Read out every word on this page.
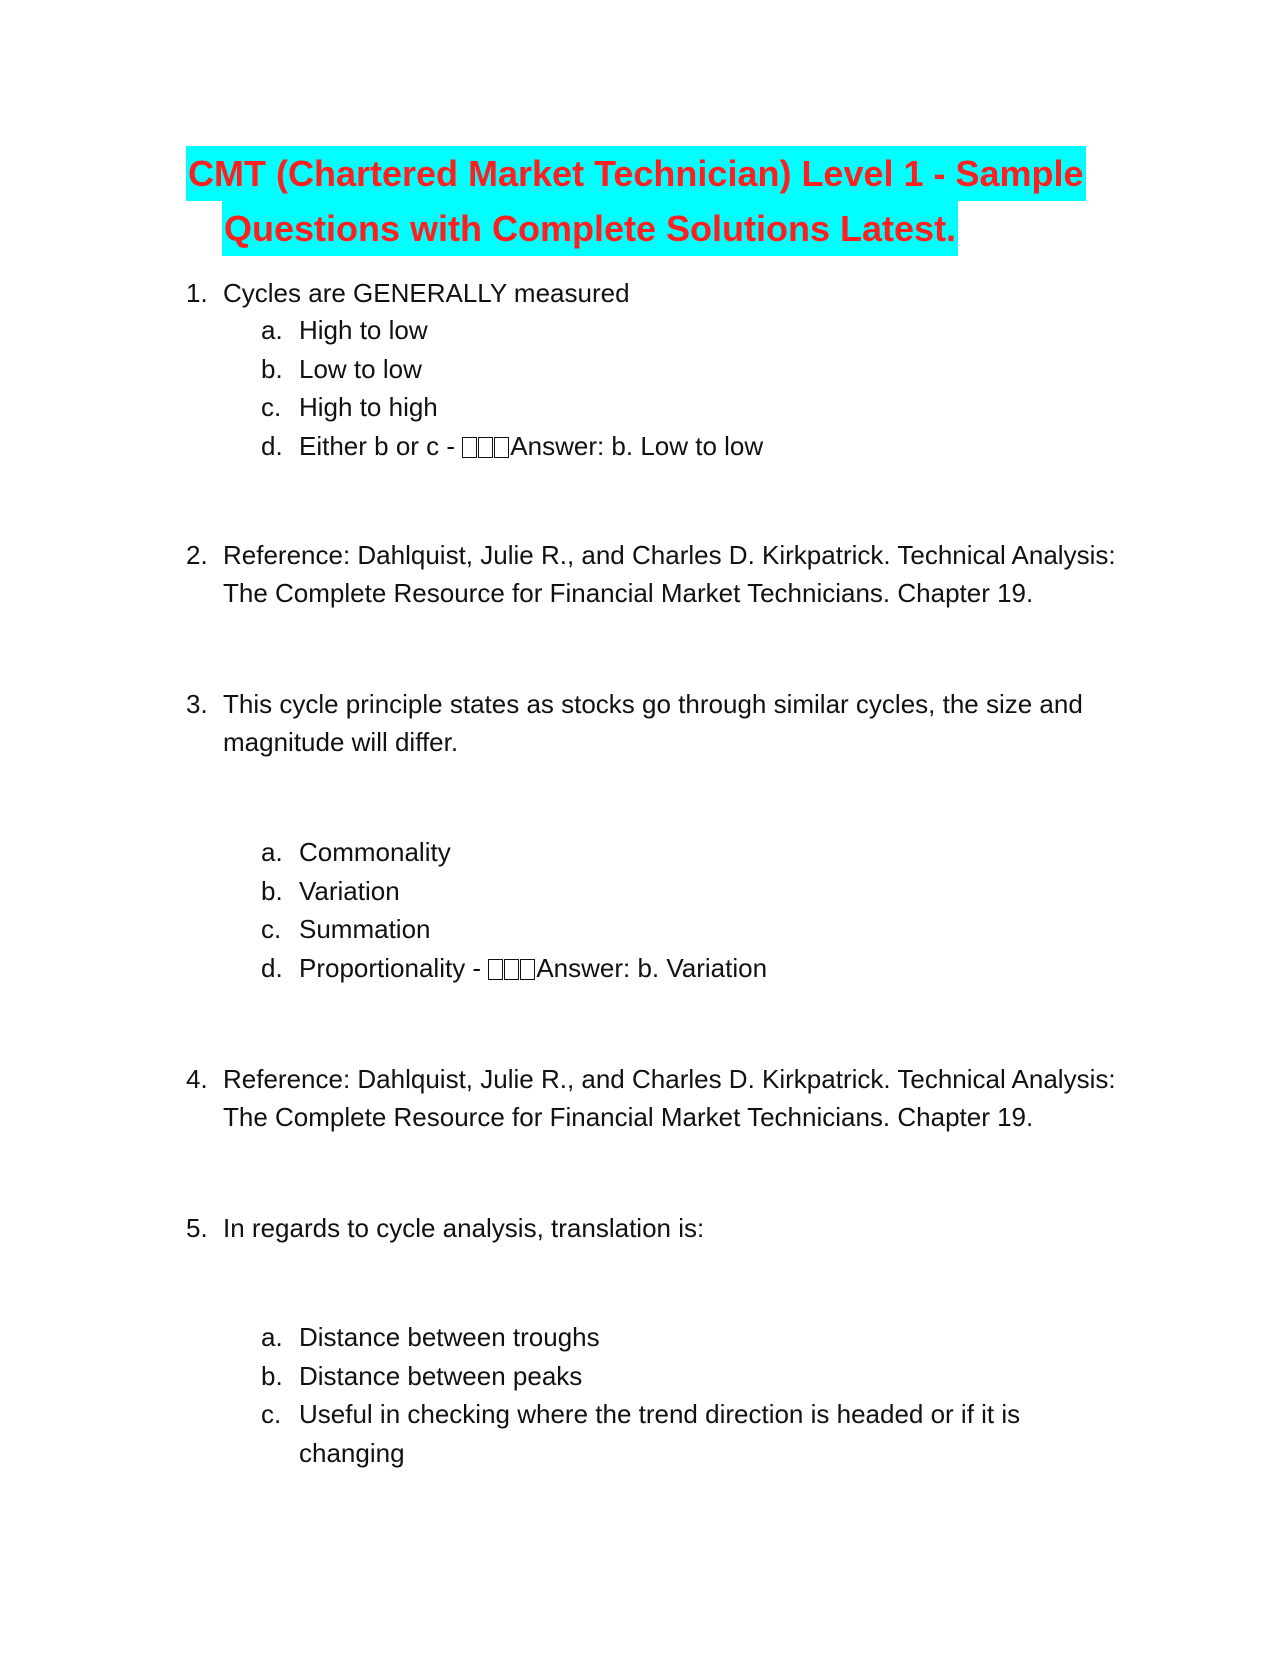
CMT (Chartered Market Technician) Level 1 - Sample
Questions with Complete Solutions Latest.
1. Cycles are GENERALLY measured
a. High to low
b. Low to low
c. High to high
d. Either b or c - Answer: b. Low to low
2. Reference: Dahlquist, Julie R., and Charles D. Kirkpatrick. Technical Analysis: The Complete Resource for Financial Market Technicians. Chapter 19.
3. This cycle principle states as stocks go through similar cycles, the size and magnitude will differ.
a. Commonality
b. Variation
c. Summation
d. Proportionality - Answer: b. Variation
4. Reference: Dahlquist, Julie R., and Charles D. Kirkpatrick. Technical Analysis: The Complete Resource for Financial Market Technicians. Chapter 19.
5. In regards to cycle analysis, translation is:
a. Distance between troughs
b. Distance between peaks
c. Useful in checking where the trend direction is headed or if it is changing
